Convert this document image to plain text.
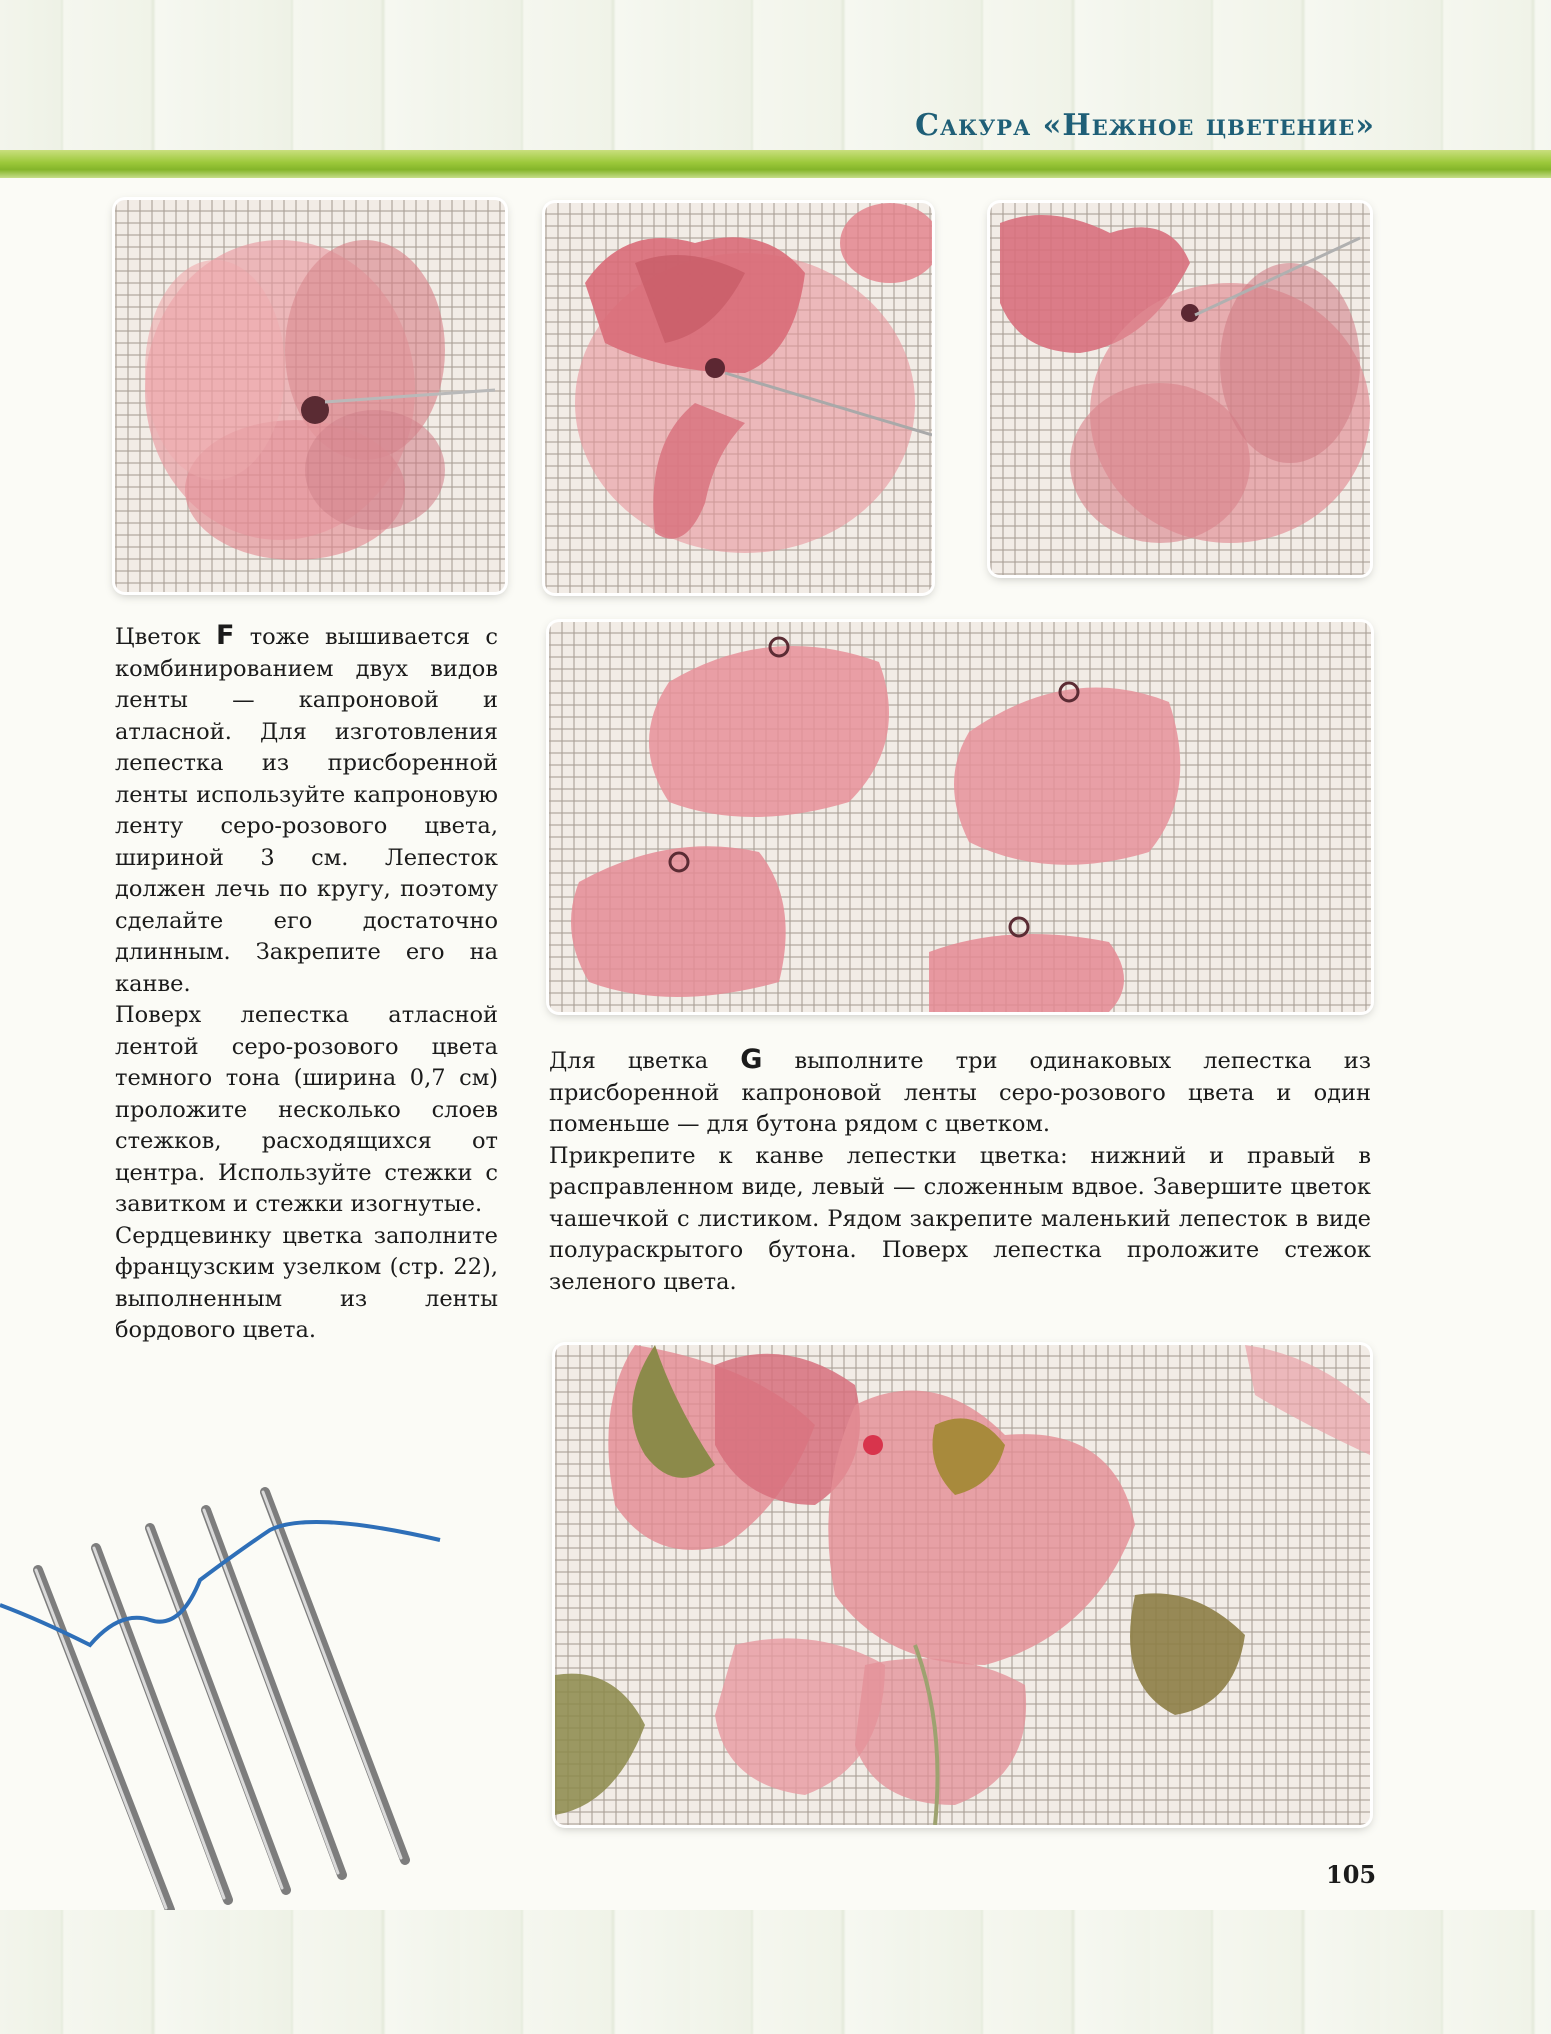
Сакура «Нежное цветение»

Цветок F тоже вышивается с комбинированием двух видов ленты — капроновой и атласной. Для изготовления лепестка из присборенной ленты используйте капроновую ленту серо-розового цвета, шириной 3 см. Лепесток должен лечь по кругу, поэтому сделайте его достаточно длинным. Закрепите его на канве.

Поверх лепестка атласной лентой серо-розового цвета темного тона (ширина 0,7 см) проложите несколько слоев стежков, расходящихся от центра. Используйте стежки с завитком и стежки изогнутые.

Сердцевинку цветка заполните французским узелком (стр. 22), выполненным из ленты бордового цвета.

Для цветка G выполните три одинаковых лепестка из присборенной капроновой ленты серо-розового цвета и один поменьше — для бутона рядом с цветком.

Прикрепите к канве лепестки цветка: нижний и правый в расправленном виде, левый — сложенным вдвое. Завершите цветок чашечкой с листиком. Рядом закрепите маленький лепесток в виде полураскрытого бутона. Поверх лепестка проложите стежок зеленого цвета.

105
